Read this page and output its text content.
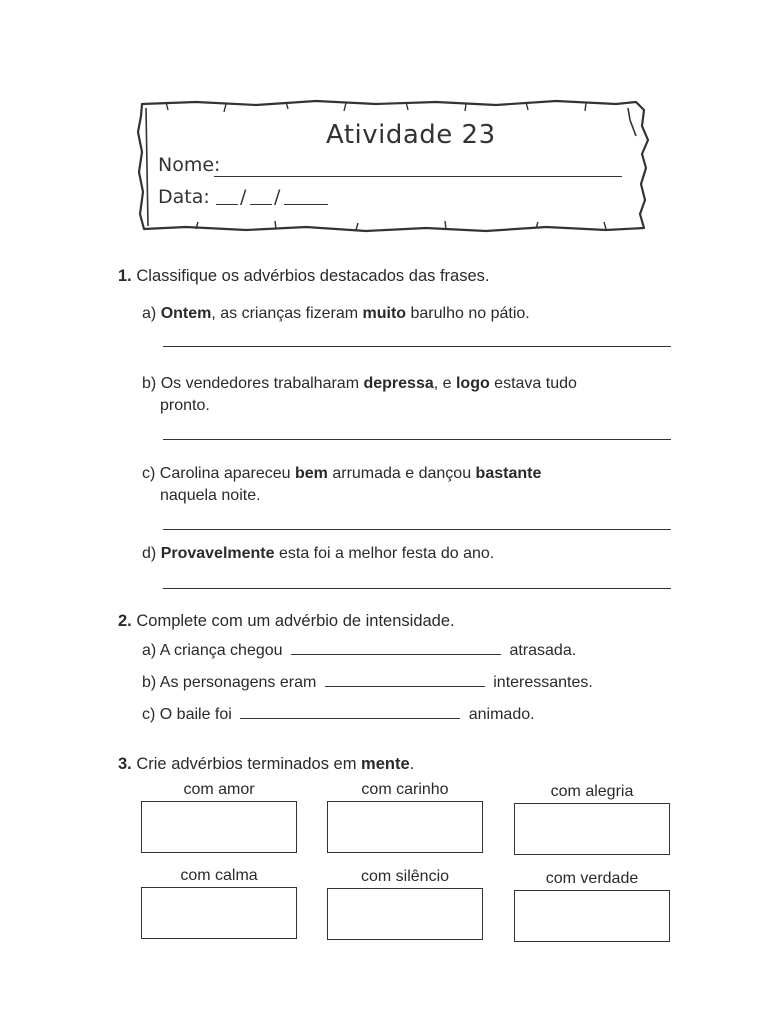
Atividade 23
Nome:
Data: / /
1. Classifique os advérbios destacados das frases.
a) Ontem, as crianças fizeram muito barulho no pátio.
b) Os vendedores trabalharam depressa, e logo estava tudo
pronto.
c) Carolina apareceu bem arrumada e dançou bastante
naquela noite.
d) Provavelmente esta foi a melhor festa do ano.
2. Complete com um advérbio de intensidade.
a) A criança chegou	atrasada.
b) As personagens eram	interessantes.
c) O baile foi	animado.
3. Crie advérbios terminados em mente.
com amor	com carinho	com alegria
com calma	com silêncio	com verdade
